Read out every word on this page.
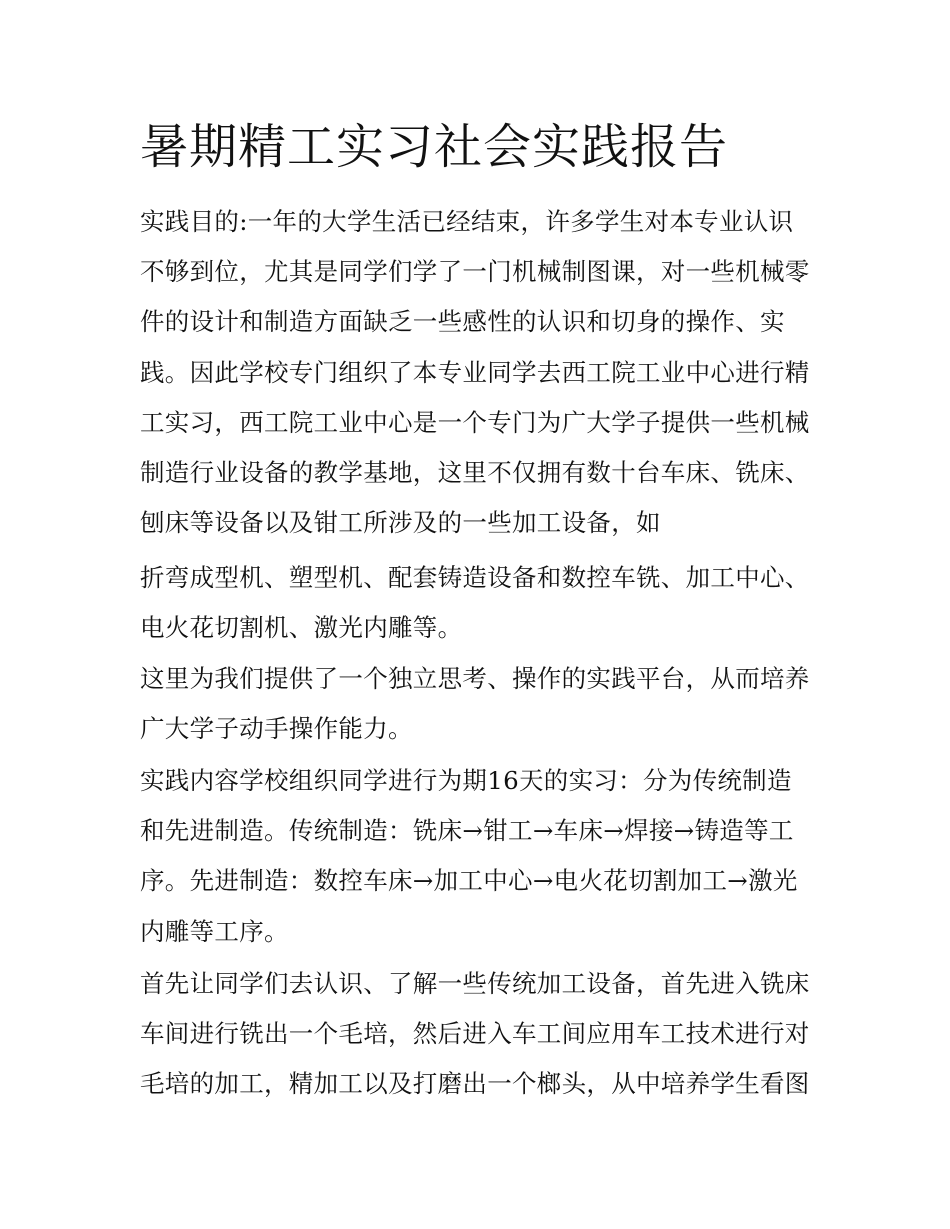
暑期精工实习社会实践报告
实践目的:一年的大学生活已经结束，许多学生对本专业认识
不够到位，尤其是同学们学了一门机械制图课，对一些机械零
件的设计和制造方面缺乏一些感性的认识和切身的操作、实
践。因此学校专门组织了本专业同学去西工院工业中心进行精
工实习，西工院工业中心是一个专门为广大学子提供一些机械
制造行业设备的教学基地，这里不仅拥有数十台车床、铣床、
刨床等设备以及钳工所涉及的一些加工设备，如
折弯成型机、塑型机、配套铸造设备和数控车铣、加工中心、
电火花切割机、激光内雕等。
这里为我们提供了一个独立思考、操作的实践平台，从而培养
广大学子动手操作能力。
实践内容学校组织同学进行为期16天的实习：分为传统制造
和先进制造。传统制造：铣床→钳工→车床→焊接→铸造等工
序。先进制造：数控车床→加工中心→电火花切割加工→激光
内雕等工序。
首先让同学们去认识、了解一些传统加工设备，首先进入铣床
车间进行铣出一个毛培，然后进入车工间应用车工技术进行对
毛培的加工，精加工以及打磨出一个榔头，从中培养学生看图
